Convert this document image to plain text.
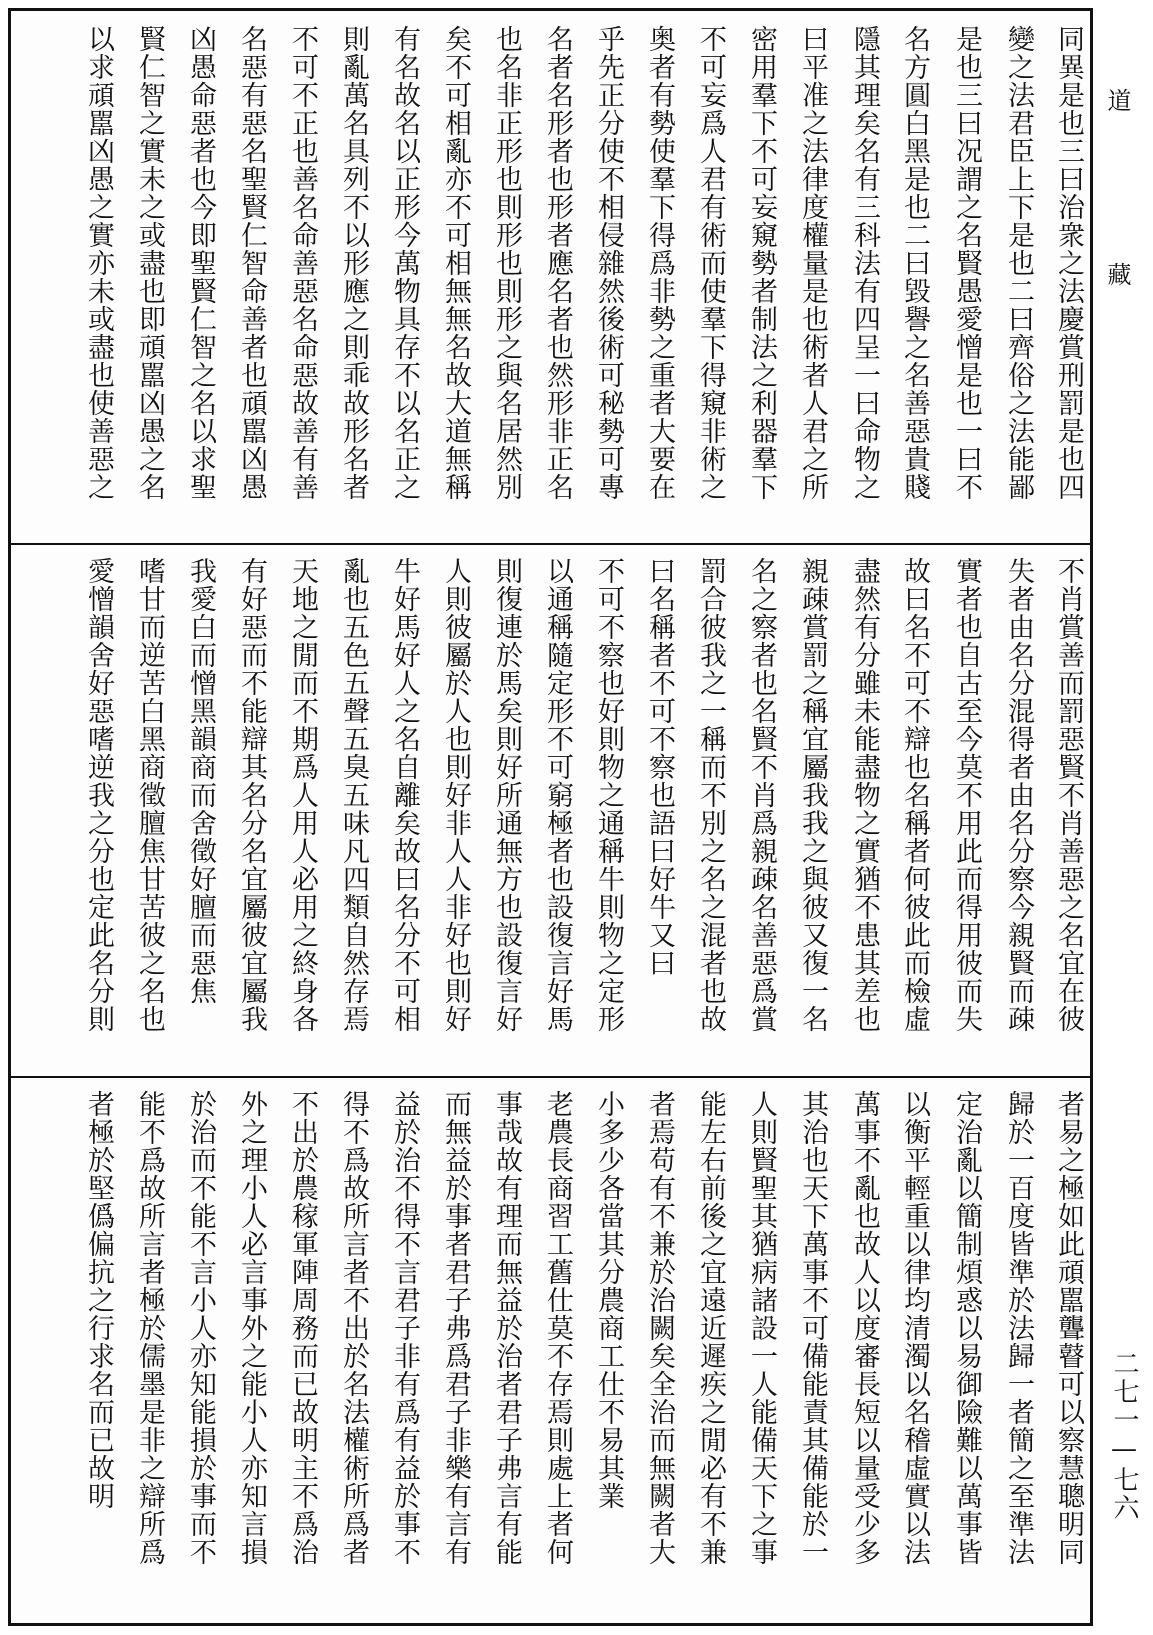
同異是也三曰治衆之法慶賞刑罰是也四
變之法君臣上下是也二曰齊俗之法能鄙
是也三曰况謂之名賢愚愛憎是也一曰不
名方圓白黑是也二曰毀譽之名善惡貴賤
隱其理矣名有三科法有四呈一曰命物之
曰平准之法律度權量是也術者人君之所
密用羣下不可妄窺勢者制法之利器羣下
不可妄爲人君有術而使羣下得窺非術之
奥者有勢使羣下得爲非勢之重者大要在
乎先正分使不相侵雜然後術可秘勢可專
名者名形者也形者應名者也然形非正名
也名非正形也則形也則形之與名居然別
矣不可相亂亦不可相無無名故大道無稱
有名故名以正形今萬物具存不以名正之
則亂萬名具列不以形應之則乖故形名者
不可不正也善名命善惡名命惡故善有善
名惡有惡名聖賢仁智命善者也頑嚚凶愚
凶愚命惡者也今即聖賢仁智之名以求聖
賢仁智之實未之或盡也即頑嚚凶愚之名
以求頑嚚凶愚之實亦未或盡也使善惡之
不肖賞善而罰惡賢不肖善惡之名宜在彼
失者由名分混得者由名分察今親賢而疎
實者也自古至今莫不用此而得用彼而失
故曰名不可不辯也名稱者何彼此而檢虛
盡然有分雖未能盡物之實猶不患其差也
親疎賞罰之稱宜屬我我之與彼又復一名
名之察者也名賢不肖爲親疎名善惡爲賞
罰合彼我之一稱而不別之名之混者也故
曰名稱者不可不察也語曰好牛又曰
不可不察也好則物之通稱牛則物之定形
以通稱隨定形不可窮極者也設復言好馬
則復連於馬矣則好所通無方也設復言好
人則彼屬於人也則好非人人非好也則好
牛好馬好人之名自離矣故曰名分不可相
亂也五色五聲五臭五味凡四類自然存焉
天地之閒而不期爲人用人必用之終身各
有好惡而不能辯其名分名宜屬彼宜屬我
我愛白而憎黑韻商而舍徵好膻而惡焦
嗜甘而逆苦白黑商徵膻焦甘苦彼之名也
愛憎韻舍好惡嗜逆我之分也定此名分則
者易之極如此頑嚚聾瞽可以察慧聰明同
歸於一百度皆準於法歸一者簡之至準法
定治亂以簡制煩惑以易御險難以萬事皆
以衡平輕重以律均清濁以名稽虛實以法
萬事不亂也故人以度審長短以量受少多
其治也天下萬事不可備能責其備能於一
人則賢聖其猶病諸設一人能備天下之事
能左右前後之宜遠近遲疾之閒必有不兼
者焉苟有不兼於治闕矣全治而無闕者大
小多少各當其分農商工仕不易其業
老農長商習工舊仕莫不存焉則處上者何
事哉故有理而無益於治者君子弗言有能
而無益於事者君子弗爲君子非樂有言有
益於治不得不言君子非有爲有益於事不
得不爲故所言者不出於名法權術所爲者
不出於農稼軍陣周務而已故明主不爲治
外之理小人必言事外之能小人亦知言損
於治而不能不言小人亦知能損於事而不
能不爲故所言者極於儒墨是非之辯所爲
者極於堅僞偏抗之行求名而已故明
道藏
二七一—七六
